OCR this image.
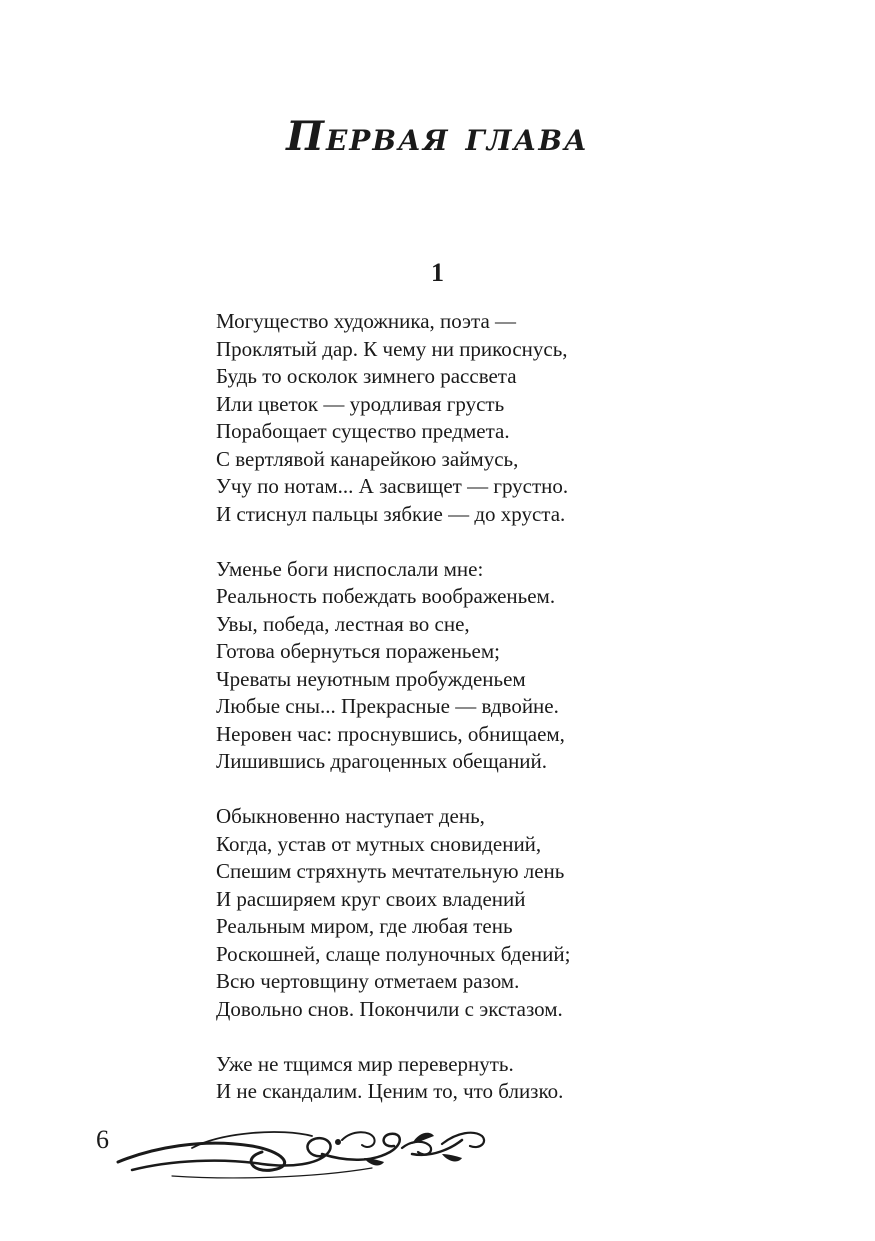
Первая глава
1
Могущество художника, поэта —
Проклятый дар. К чему ни прикоснусь,
Будь то осколок зимнего рассвета
Или цветок — уродливая грусть
Порабощает существо предмета.
С вертлявой канарейкою займусь,
Учу по нотам... А засвищет — грустно.
И стиснул пальцы зябкие — до хруста.
Уменье боги ниспослали мне:
Реальность побеждать воображеньем.
Увы, победа, лестная во сне,
Готова обернуться пораженьем;
Чреваты неуютным пробужденьем
Любые сны... Прекрасные — вдвойне.
Неровен час: проснувшись, обнищаем,
Лишившись драгоценных обещаний.
Обыкновенно наступает день,
Когда, устав от мутных сновидений,
Спешим стряхнуть мечтательную лень
И расширяем круг своих владений
Реальным миром, где любая тень
Роскошней, слаще полуночных бдений;
Всю чертовщину отметаем разом.
Довольно снов. Покончили с экстазом.
Уже не тщимся мир перевернуть.
И не скандалим. Ценим то, что близко.
6
